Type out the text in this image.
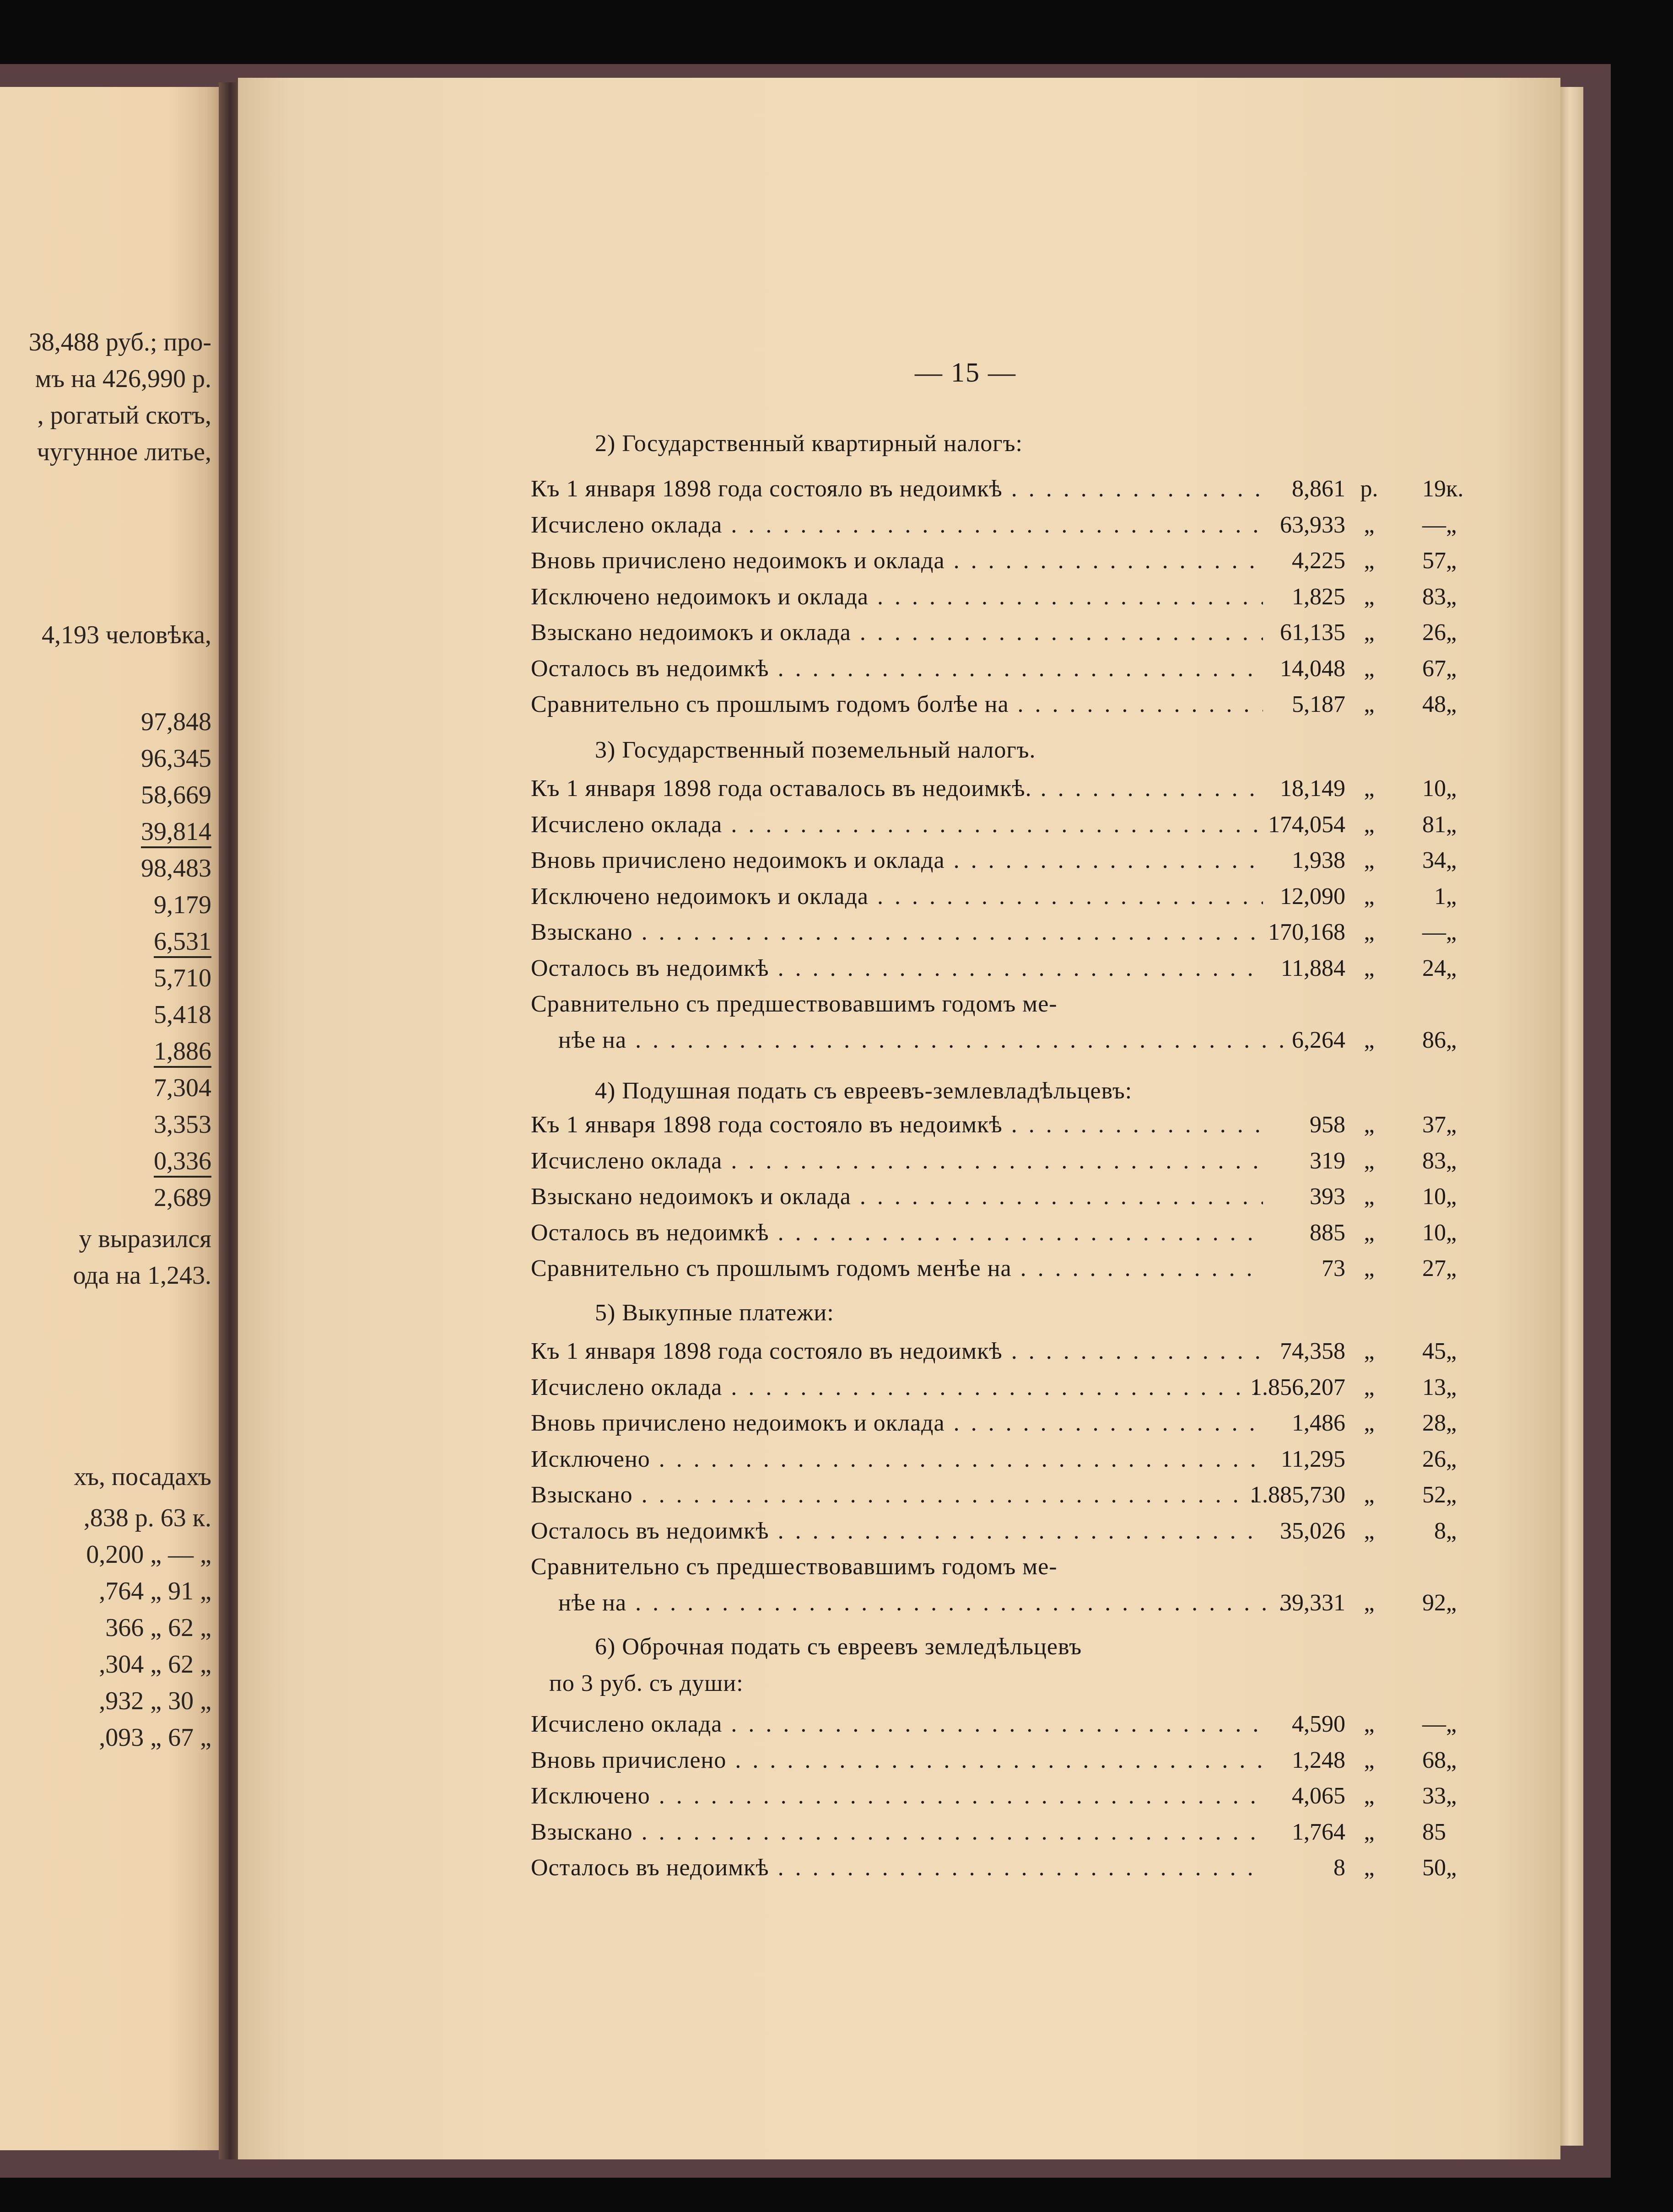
38,488 руб.; про-
мъ на 426,990 р.
, рогатый скотъ,
чугунное литье,
4,193 человѣка,
97,848
96,345
58,669
39,814
98,483
9,179
6,531
5,710
5,418
1,886
7,304
3,353
0,336
2,689
у выразился
ода на 1,243.
хъ, посадахъ
,838 р. 63 к.
0,200 „ — „
,764 „ 91 „
366 „ 62 „
,304 „ 62 „
,932 „ 30 „
,093 „ 67 „
— 15 —
2) Государственный квартирный налогъ:
Къ 1 января 1898 года состояло въ недоимкѣ . . .	8,861 р.	19 к.
Исчислено оклада . . .	63,933 „	— „
Вновь причислено недоимокъ и оклада . . .	4,225 „	57 „
Исключено недоимокъ и оклада . . .	1,825 „	83 „
Взыскано недоимокъ и оклада . . .	61,135 „	26 „
Осталось въ недоимкѣ . . .	14,048 „	67 „
Сравнительно съ прошлымъ годомъ болѣе на . . .	5,187 „	48 „
3) Государственный поземельный налогъ.
Къ 1 января 1898 года оставалось въ недоимкѣ. . . .	18,149 „	10 „
Исчислено оклада . . .	174,054 „	81 „
Вновь причислено недоимокъ и оклада . . .	1,938 „	34 „
Исключено недоимокъ и оклада . . .	12,090 „	1 „
Взыскано . . .	170,168 „	— „
Осталось въ недоимкѣ . . .	11,884 „	24 „
Сравнительно съ предшествовавшимъ годомъ ме-
нѣе на . . .	6,264 „	86 „
4) Подушная подать съ евреевъ-землевладѣльцевъ:
Къ 1 января 1898 года состояло въ недоимкѣ . . .	958 „	37 „
Исчислено оклада . . .	319 „	83 „
Взыскано недоимокъ и оклада . . .	393 „	10 „
Осталось въ недоимкѣ . . .	885 „	10 „
Сравнительно съ прошлымъ годомъ менѣе на . . .	73 „	27 „
5) Выкупные платежи:
Къ 1 января 1898 года состояло въ недоимкѣ . . .	74,358 „	45 „
Исчислено оклада . . .	1.856,207 „	13 „
Вновь причислено недоимокъ и оклада . . .	1,486 „	28 „
Исключено . . .	11,295	26 „
Взыскано . . .	1.885,730 „	52 „
Осталось въ недоимкѣ . . .	35,026 „	8 „
Сравнительно съ предшествовавшимъ годомъ ме-
нѣе на . . .	39,331 „	92 „
6) Оброчная подать съ евреевъ земледѣльцевъ
по 3 руб. съ души:
Исчислено оклада . . .	4,590 „	— „
Вновь причислено . . .	1,248 „	68 „
Исключено . . .	4,065 „	33 „
Взыскано . . .	1,764 „	85
Осталось въ недоимкѣ . . .	8 „	50 „
